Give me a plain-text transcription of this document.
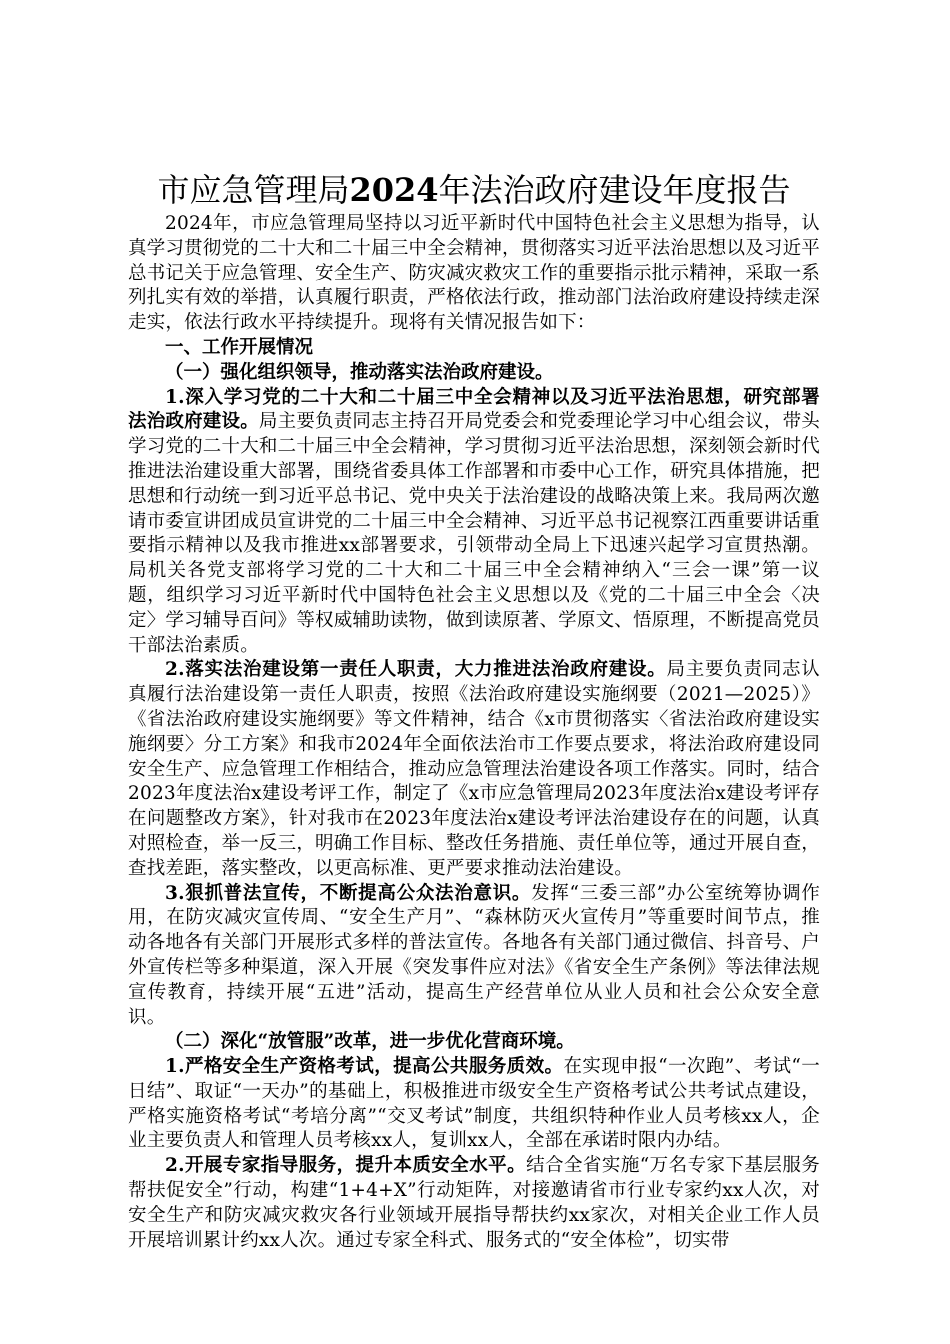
市应急管理局2024年法治政府建设年度报告

2024年，市应急管理局坚持以习近平新时代中国特色社会主义思想为指导，认真学习贯彻党的二十大和二十届三中全会精神，贯彻落实习近平法治思想以及习近平总书记关于应急管理、安全生产、防灾减灾救灾工作的重要指示批示精神，采取一系列扎实有效的举措，认真履行职责，严格依法行政，推动部门法治政府建设持续走深走实，依法行政水平持续提升。现将有关情况报告如下：

一、工作开展情况

（一）强化组织领导，推动落实法治政府建设。

1.深入学习党的二十大和二十届三中全会精神以及习近平法治思想，研究部署法治政府建设。局主要负责同志主持召开局党委会和党委理论学习中心组会议，带头学习党的二十大和二十届三中全会精神，学习贯彻习近平法治思想，深刻领会新时代推进法治建设重大部署，围绕省委具体工作部署和市委中心工作，研究具体措施，把思想和行动统一到习近平总书记、党中央关于法治建设的战略决策上来。我局两次邀请市委宣讲团成员宣讲党的二十届三中全会精神、习近平总书记视察江西重要讲话重要指示精神以及我市推进xx部署要求，引领带动全局上下迅速兴起学习宣贯热潮。局机关各党支部将学习党的二十大和二十届三中全会精神纳入“三会一课”第一议题，组织学习习近平新时代中国特色社会主义思想以及《党的二十届三中全会〈决定〉学习辅导百问》等权威辅助读物，做到读原著、学原文、悟原理，不断提高党员干部法治素质。

2.落实法治建设第一责任人职责，大力推进法治政府建设。局主要负责同志认真履行法治建设第一责任人职责，按照《法治政府建设实施纲要（2021—2025）》《省法治政府建设实施纲要》等文件精神，结合《x市贯彻落实〈省法治政府建设实施纲要〉分工方案》和我市2024年全面依法治市工作要点要求，将法治政府建设同安全生产、应急管理工作相结合，推动应急管理法治建设各项工作落实。同时，结合2023年度法治x建设考评工作，制定了《x市应急管理局2023年度法治x建设考评存在问题整改方案》，针对我市在2023年度法治x建设考评法治建设存在的问题，认真对照检查，举一反三，明确工作目标、整改任务措施、责任单位等，通过开展自查，查找差距，落实整改，以更高标准、更严要求推动法治建设。

3.狠抓普法宣传，不断提高公众法治意识。发挥“三委三部”办公室统筹协调作用，在防灾减灾宣传周、“安全生产月”、“森林防灭火宣传月”等重要时间节点，推动各地各有关部门开展形式多样的普法宣传。各地各有关部门通过微信、抖音号、户外宣传栏等多种渠道，深入开展《突发事件应对法》《省安全生产条例》等法律法规宣传教育，持续开展“五进”活动，提高生产经营单位从业人员和社会公众安全意识。

（二）深化“放管服”改革，进一步优化营商环境。

1.严格安全生产资格考试，提高公共服务质效。在实现申报“一次跑”、考试“一日结”、取证“一天办”的基础上，积极推进市级安全生产资格考试公共考试点建设，严格实施资格考试“考培分离”“交叉考试”制度，共组织特种作业人员考核xx人，企业主要负责人和管理人员考核xx人，复训xx人，全部在承诺时限内办结。

2.开展专家指导服务，提升本质安全水平。结合全省实施“万名专家下基层服务帮扶促安全”行动，构建“1+4+X”行动矩阵，对接邀请省市行业专家约xx人次，对安全生产和防灾减灾救灾各行业领域开展指导帮扶约xx家次，对相关企业工作人员开展培训累计约xx人次。通过专家全科式、服务式的“安全体检”，切实带
